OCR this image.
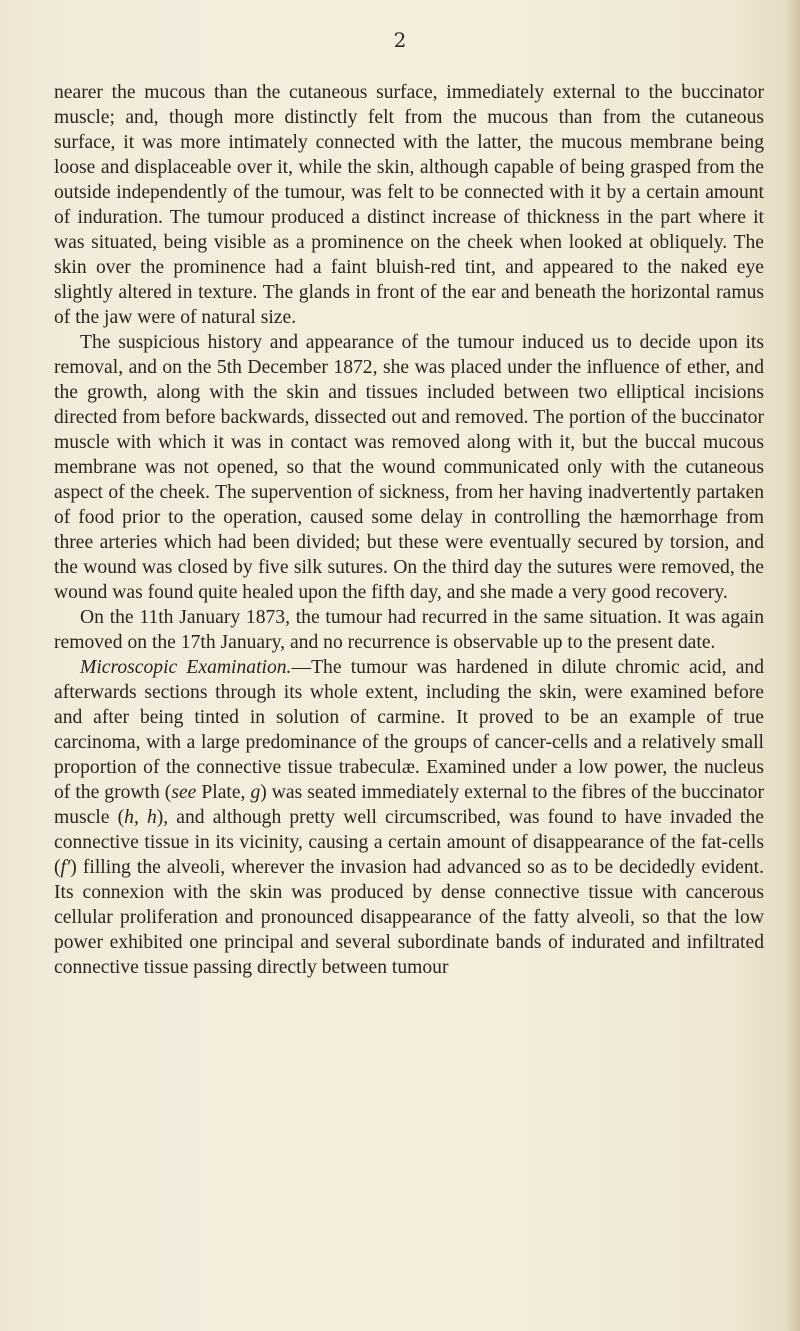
2

nearer the mucous than the cutaneous surface, immediately external to the buccinator muscle; and, though more distinctly felt from the mucous than from the cutaneous surface, it was more intimately connected with the latter, the mucous membrane being loose and displaceable over it, while the skin, although capable of being grasped from the outside independently of the tumour, was felt to be connected with it by a certain amount of induration. The tumour produced a distinct increase of thickness in the part where it was situated, being visible as a prominence on the cheek when looked at obliquely. The skin over the prominence had a faint bluish-red tint, and appeared to the naked eye slightly altered in texture. The glands in front of the ear and beneath the horizontal ramus of the jaw were of natural size.

The suspicious history and appearance of the tumour induced us to decide upon its removal, and on the 5th December 1872, she was placed under the influence of ether, and the growth, along with the skin and tissues included between two elliptical incisions directed from before backwards, dissected out and removed. The portion of the buccinator muscle with which it was in contact was removed along with it, but the buccal mucous membrane was not opened, so that the wound communicated only with the cutaneous aspect of the cheek. The supervention of sickness, from her having inadvertently partaken of food prior to the operation, caused some delay in controlling the hæmorrhage from three arteries which had been divided; but these were eventually secured by torsion, and the wound was closed by five silk sutures. On the third day the sutures were removed, the wound was found quite healed upon the fifth day, and she made a very good recovery.

On the 11th January 1873, the tumour had recurred in the same situation. It was again removed on the 17th January, and no recurrence is observable up to the present date.

Microscopic Examination.—The tumour was hardened in dilute chromic acid, and afterwards sections through its whole extent, including the skin, were examined before and after being tinted in solution of carmine. It proved to be an example of true carcinoma, with a large predominance of the groups of cancer-cells and a relatively small proportion of the connective tissue trabeculæ. Examined under a low power, the nucleus of the growth (see Plate, g) was seated immediately external to the fibres of the buccinator muscle (h, h), and although pretty well circumscribed, was found to have invaded the connective tissue in its vicinity, causing a certain amount of disappearance of the fat-cells (f′) filling the alveoli, wherever the invasion had advanced so as to be decidedly evident. Its connexion with the skin was produced by dense connective tissue with cancerous cellular proliferation and pronounced disappearance of the fatty alveoli, so that the low power exhibited one principal and several subordinate bands of indurated and infiltrated connective tissue passing directly between tumour
